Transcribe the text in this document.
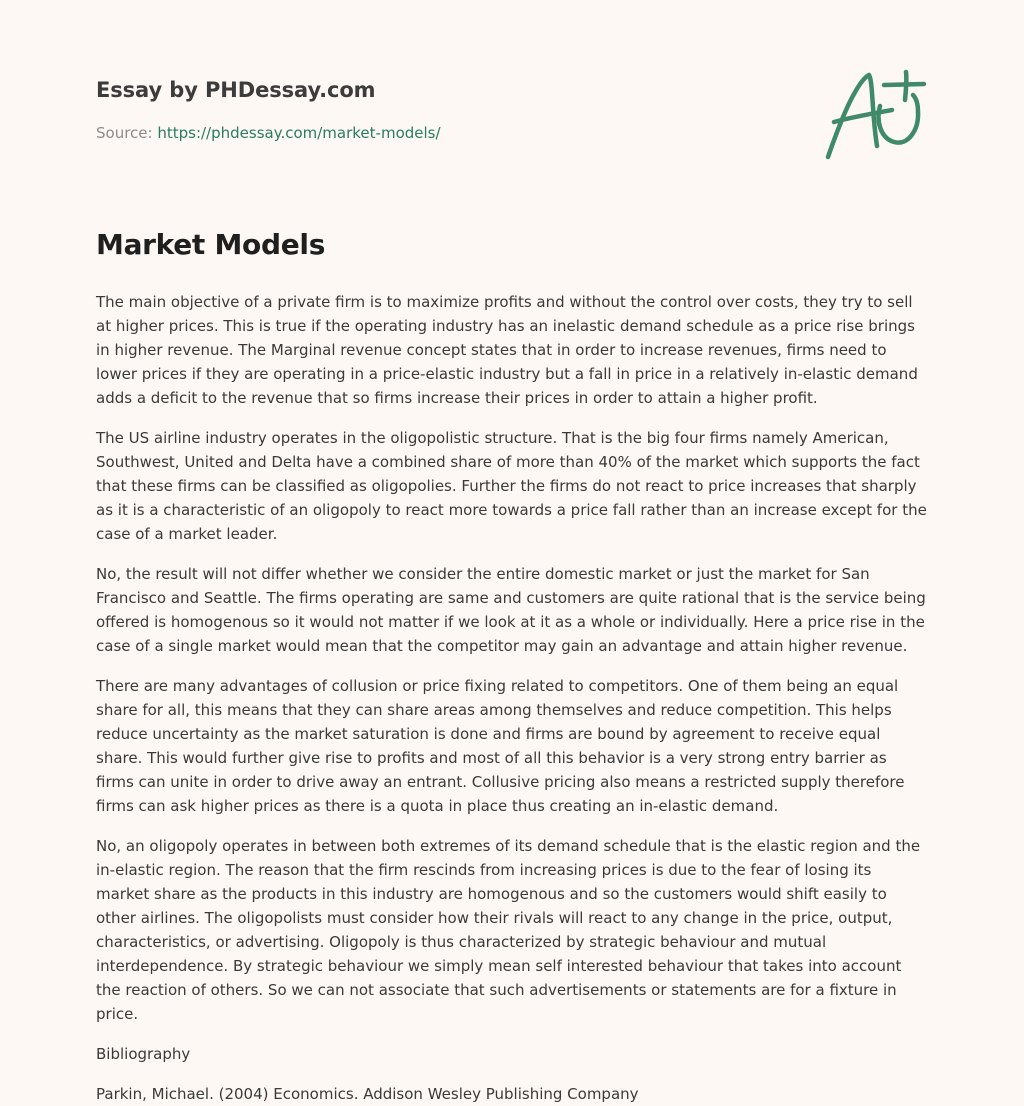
Essay by PHDessay.com
Source: https://phdessay.com/market-models/
Market Models

The main objective of a private firm is to maximize profits and without the control over costs, they try to sell at higher prices. This is true if the operating industry has an inelastic demand schedule as a price rise brings in higher revenue. The Marginal revenue concept states that in order to increase revenues, firms need to lower prices if they are operating in a price-elastic industry but a fall in price in a relatively in-elastic demand adds a deficit to the revenue that so firms increase their prices in order to attain a higher profit.

The US airline industry operates in the oligopolistic structure. That is the big four firms namely American, Southwest, United and Delta have a combined share of more than 40% of the market which supports the fact that these firms can be classified as oligopolies. Further the firms do not react to price increases that sharply as it is a characteristic of an oligopoly to react more towards a price fall rather than an increase except for the case of a market leader.

No, the result will not differ whether we consider the entire domestic market or just the market for San Francisco and Seattle. The firms operating are same and customers are quite rational that is the service being offered is homogenous so it would not matter if we look at it as a whole or individually. Here a price rise in the case of a single market would mean that the competitor may gain an advantage and attain higher revenue.

There are many advantages of collusion or price fixing related to competitors. One of them being an equal share for all, this means that they can share areas among themselves and reduce competition. This helps reduce uncertainty as the market saturation is done and firms are bound by agreement to receive equal share. This would further give rise to profits and most of all this behavior is a very strong entry barrier as firms can unite in order to drive away an entrant. Collusive pricing also means a restricted supply therefore firms can ask higher prices as there is a quota in place thus creating an in-elastic demand.

No, an oligopoly operates in between both extremes of its demand schedule that is the elastic region and the in-elastic region. The reason that the firm rescinds from increasing prices is due to the fear of losing its market share as the products in this industry are homogenous and so the customers would shift easily to other airlines. The oligopolists must consider how their rivals will react to any change in the price, output, characteristics, or advertising. Oligopoly is thus characterized by strategic behaviour and mutual interdependence. By strategic behaviour we simply mean self interested behaviour that takes into account the reaction of others. So we can not associate that such advertisements or statements are for a fixture in price.

Bibliography

Parkin, Michael. (2004) Economics. Addison Wesley Publishing Company
